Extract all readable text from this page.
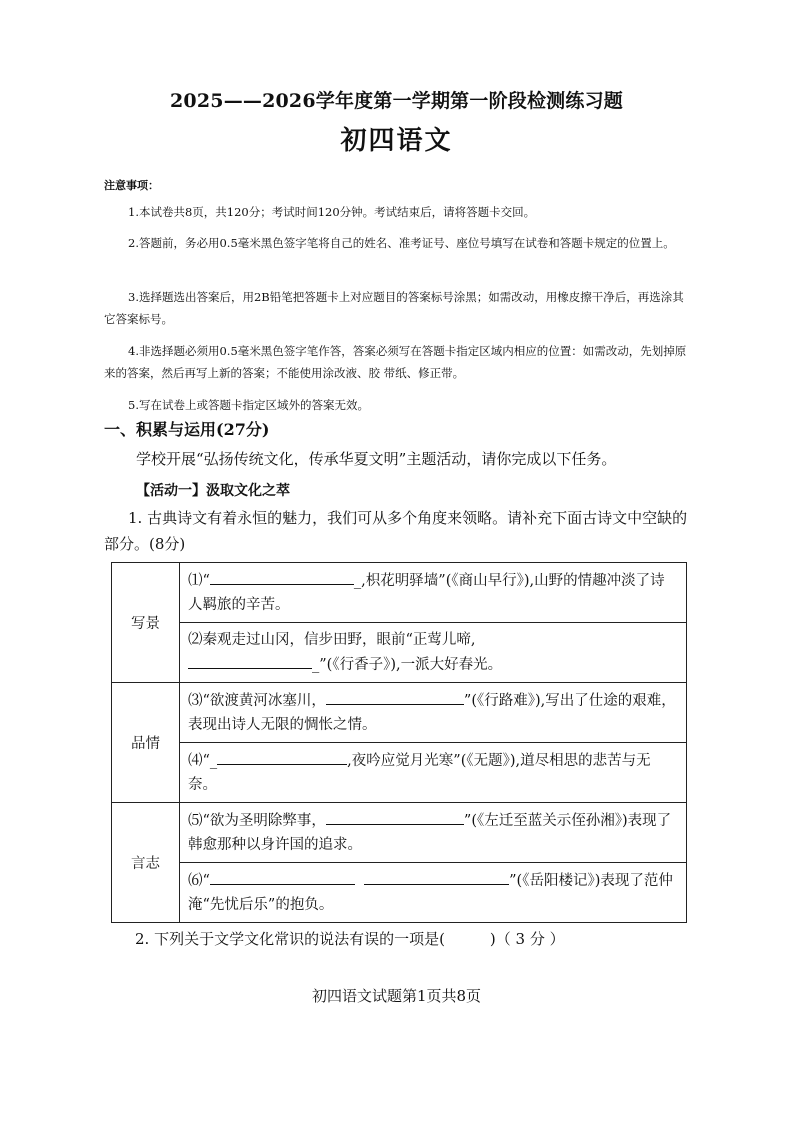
2025——2026学年度第一学期第一阶段检测练习题
初四语文
注意事项：
1.本试卷共8页，共120分；考试时间120分钟。考试结束后，请将答题卡交回。
2.答题前，务必用0.5毫米黑色签字笔将自己的姓名、准考证号、座位号填写在试卷和答题卡规定的位置上。
3.选择题选出答案后，用2B铅笔把答题卡上对应题目的答案标号涂黑；如需改动，用橡皮擦干净后，再选涂其它答案标号。
4.非选择题必须用0.5毫米黑色签字笔作答，答案必须写在答题卡指定区域内相应的位置：如需改动，先划掉原来的答案，然后再写上新的答案；不能使用涂改液、胶 带纸、修正带。
5.写在试卷上或答题卡指定区域外的答案无效。
一、积累与运用(27分)
学校开展“弘扬传统文化，传承华夏文明”主题活动，请你完成以下任务。
【活动一】汲取文化之萃
1. 古典诗文有着永恒的魅力，我们可从多个角度来领略。请补充下面古诗文中空缺的部分。(8分)
写景	⑴“ _,枳花明驿墙”(《商山早行》),山野的情趣冲淡了诗人羁旅的辛苦。
	⑵秦观走过山冈，信步田野，眼前“正莺儿啼,
_”(《行香子》),一派大好春光。
品情	⑶“欲渡黄河冰塞川， ”(《行路难》),写出了仕途的艰难，表现出诗人无限的惆怅之情。
	⑷“_ ,夜吟应觉月光寒”(《无题》),道尽相思的悲苦与无奈。
言志	⑸“欲为圣明除弊事， ”(《左迁至蓝关示侄孙湘》)表现了韩愈那种以身许国的追求。
	⑹“ ”(《岳阳楼记》)表现了范仲淹“先忧后乐”的抱负。
2. 下列关于文学文化常识的说法有误的一项是(　　　)（ 3 分 ）
初四语文试题第1页共8页
